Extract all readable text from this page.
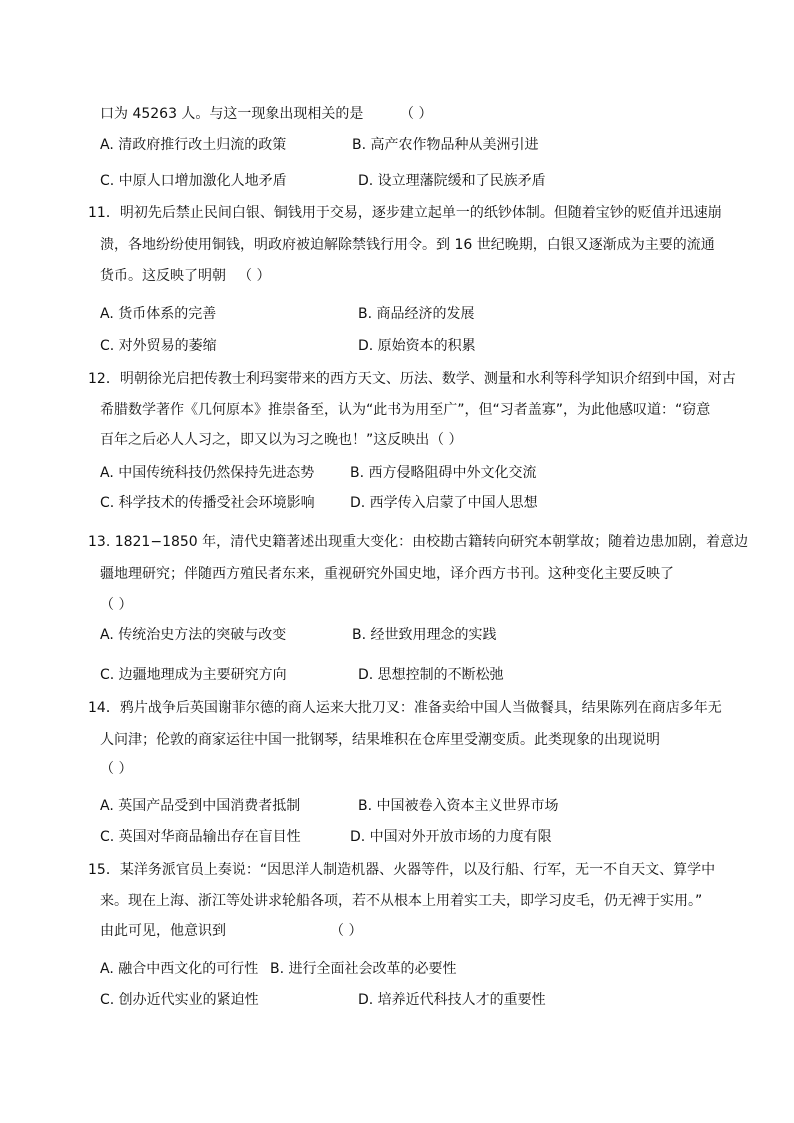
口为 45263 人。与这一现象出现相关的是	（ ）
A. 清政府推行改土归流的政策	B. 高产农作物品种从美洲引进
C. 中原人口增加激化人地矛盾	D. 设立理藩院缓和了民族矛盾
11．明初先后禁止民间白银、铜钱用于交易，逐步建立起单一的纸钞体制。但随着宝钞的贬值并迅速崩
溃，各地纷纷使用铜钱，明政府被迫解除禁钱行用令。到 16 世纪晚期，白银又逐渐成为主要的流通
货币。这反映了明朝 （ ）
A. 货币体系的完善	B. 商品经济的发展
C. 对外贸易的萎缩	D. 原始资本的积累
12．明朝徐光启把传教士利玛窦带来的西方天文、历法、数学、测量和水利等科学知识介绍到中国，对古
希腊数学著作《几何原本》推崇备至，认为“此书为用至广”，但“习者盖寡”，为此他感叹道：“窃意
百年之后必人人习之，即又以为习之晚也！”这反映出 （ ）
A. 中国传统科技仍然保持先进态势	B. 西方侵略阻碍中外文化交流
C. 科学技术的传播受社会环境影响	D. 西学传入启蒙了中国人思想
13. 1821−1850 年，清代史籍著述出现重大变化：由校勘古籍转向研究本朝掌故；随着边患加剧，着意边
疆地理研究；伴随西方殖民者东来，重视研究外国史地，译介西方书刊。这种变化主要反映了
（ ）
A. 传统治史方法的突破与改变	B. 经世致用理念的实践
C. 边疆地理成为主要研究方向	D. 思想控制的不断松弛
14．鸦片战争后英国谢菲尔德的商人运来大批刀叉：准备卖给中国人当做餐具，结果陈列在商店多年无
人问津；伦敦的商家运往中国一批钢琴，结果堆积在仓库里受潮变质。此类现象的出现说明
（ ）
A. 英国产品受到中国消费者抵制	B. 中国被卷入资本主义世界市场
C. 英国对华商品输出存在盲目性	D. 中国对外开放市场的力度有限
15．某洋务派官员上奏说：“因思洋人制造机器、火器等件，以及行船、行军，无一不自天文、算学中
来。现在上海、浙江等处讲求轮船各项，若不从根本上用着实工夫，即学习皮毛，仍无裨于实用。”
由此可见，他意识到	（ ）
A. 融合中西文化的可行性 B. 进行全面社会改革的必要性
C. 创办近代实业的紧迫性	D. 培养近代科技人才的重要性
